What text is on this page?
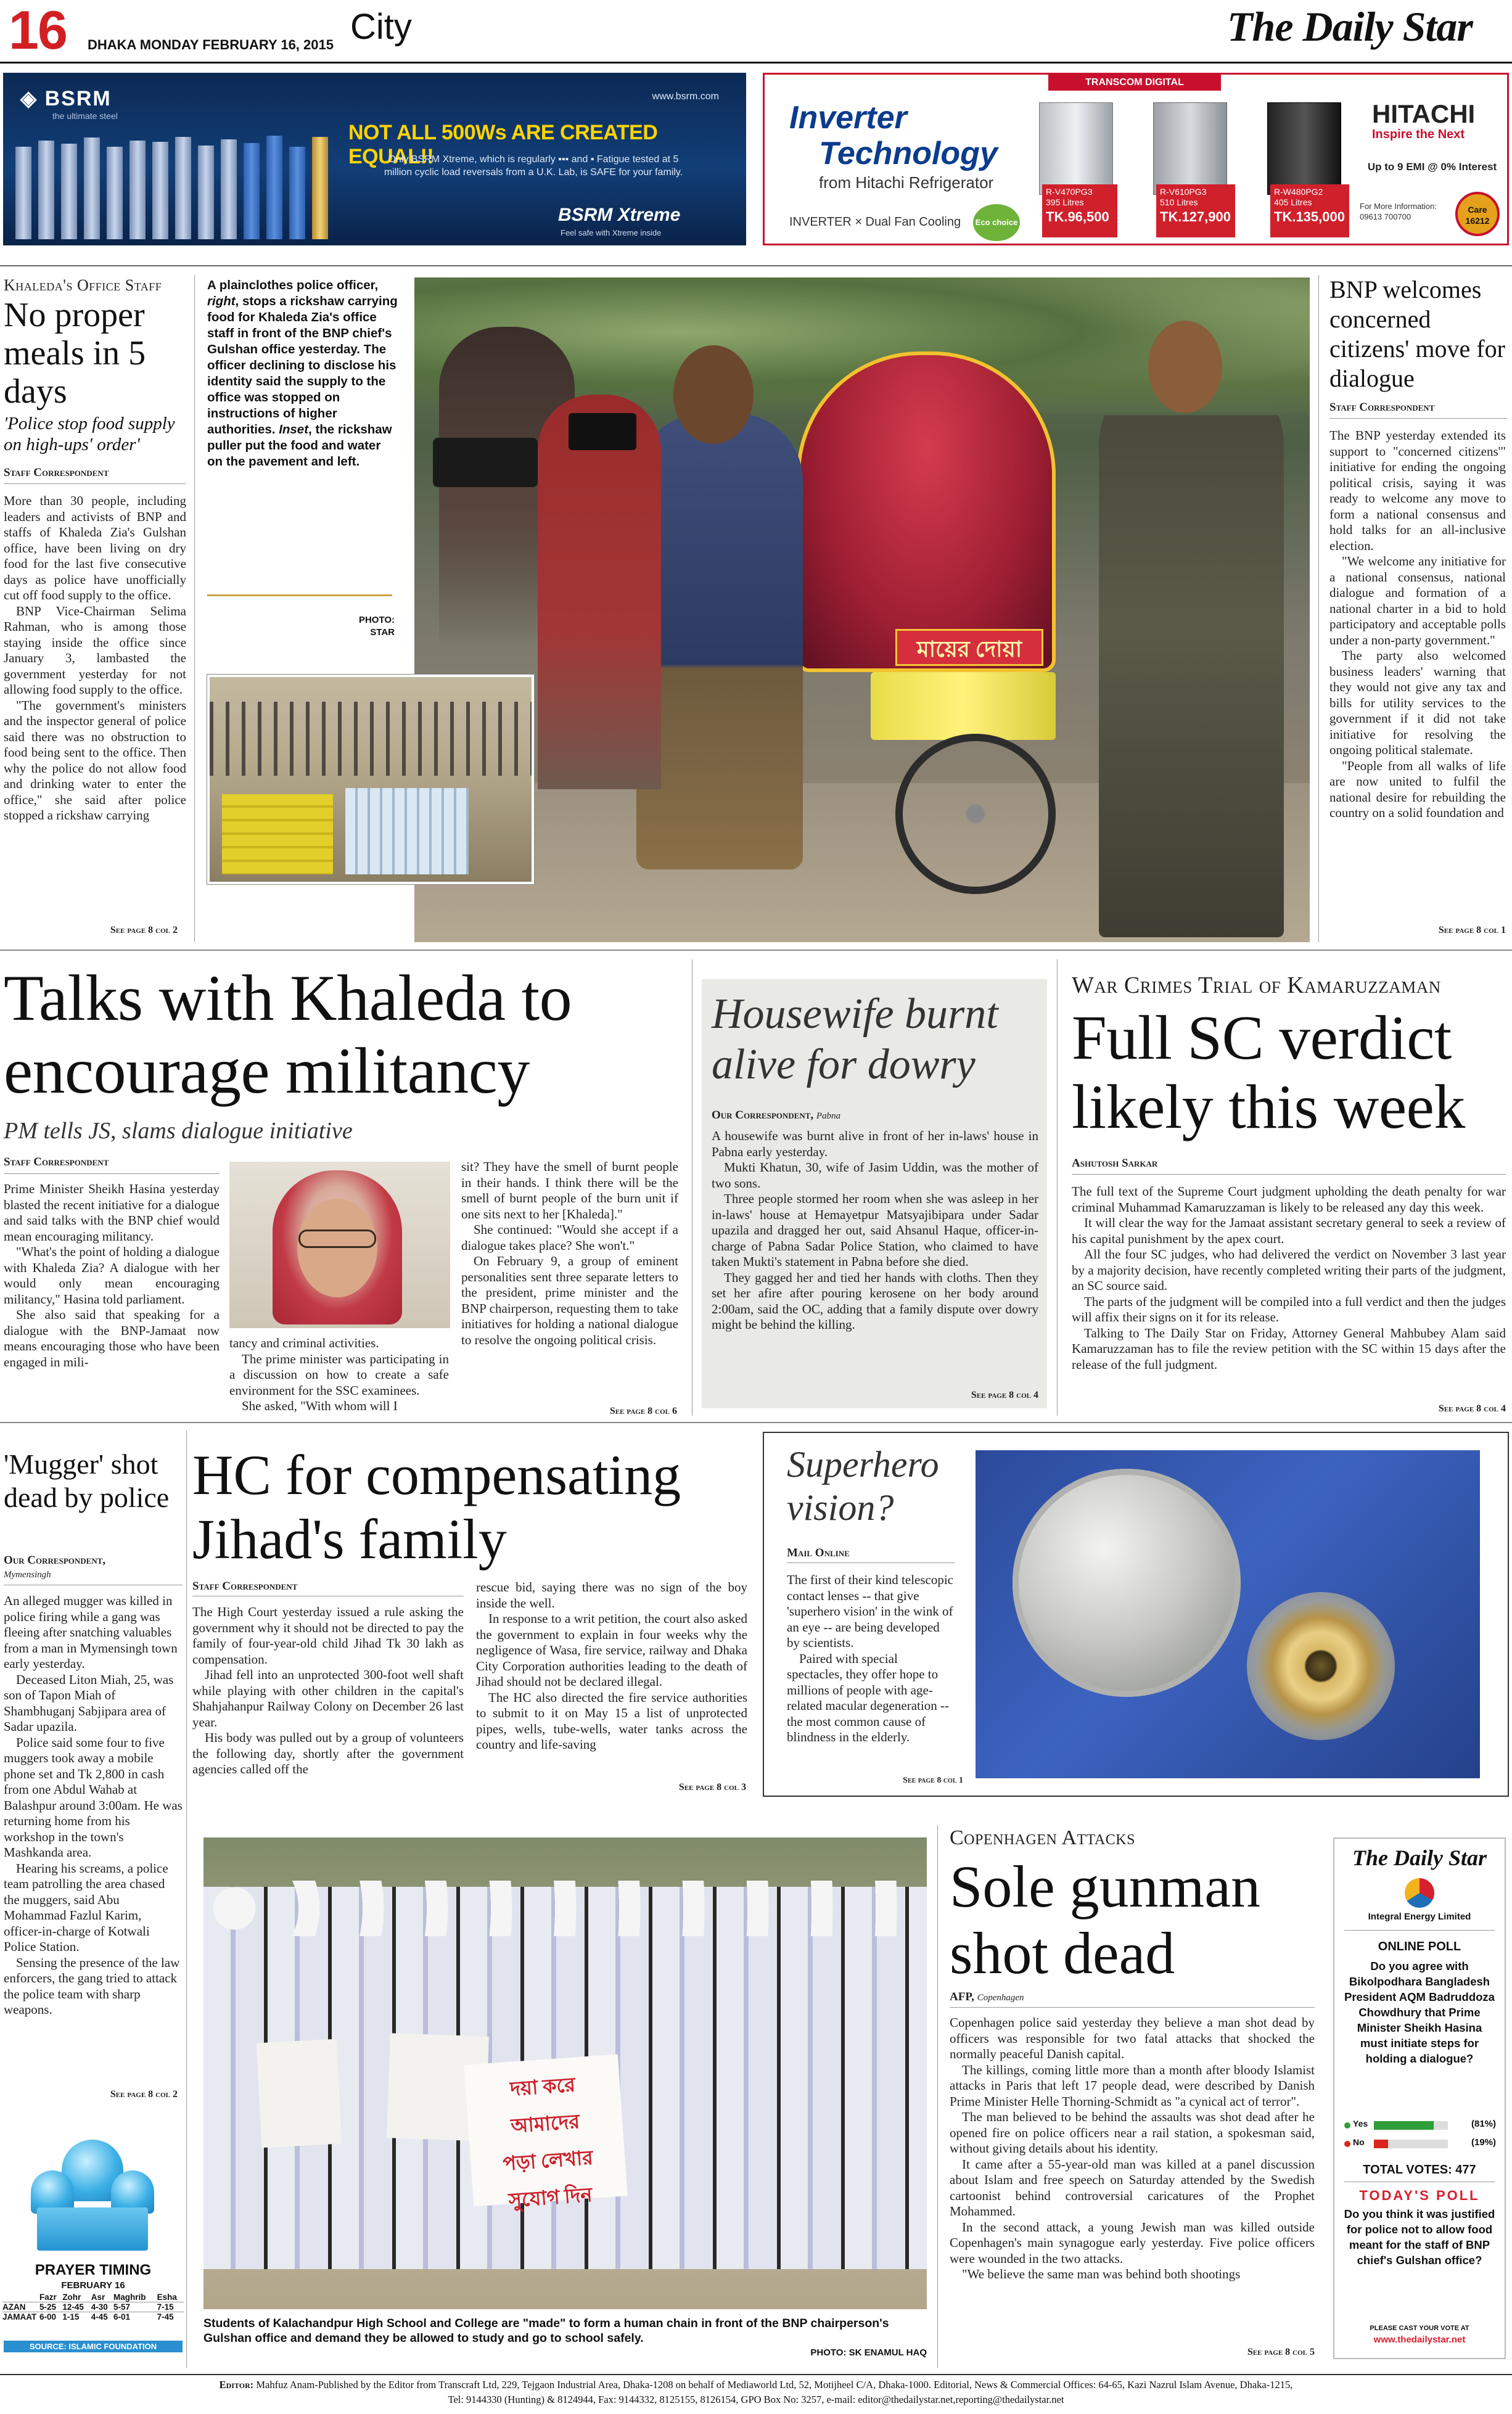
16 DHAKA MONDAY FEBRUARY 16, 2015 City	The Daily Star
◈ BSRM
the ultimate steel
www.bsrm.com
NOT ALL 500Ws ARE CREATED EQUAL!!
Only BSRM Xtreme, which is regularly ▪▪▪ and ▪ Fatigue tested at 5 million cyclic load reversals from a U.K. Lab, is SAFE for your family.
BSRM Xtreme
Feel safe with Xtreme inside
TRANSCOM DIGITAL
Inverter
Technology
from Hitachi Refrigerator
INVERTER × Dual Fan Cooling Eco choice
R-V470PG3
395 Litres
TK.96,500
R-V610PG3
510 Litres
TK.127,900
R-W480PG2
405 Litres
TK.135,000
HITACHI
Inspire the Next
Up to 9 EMI @ 0% Interest
For More Information: 09613 700700
Care 16212
Khaleda's Office Staff
No proper meals in 5 days
'Police stop food supply on high-ups' order'
Staff Correspondent

More than 30 people, including leaders and activists of BNP and staffs of Khaleda Zia's Gulshan office, have been living on dry food for the last five consecutive days as police have unofficially cut off food supply to the office.

BNP Vice-Chairman Selima Rahman, who is among those staying inside the office since January 3, lambasted the government yesterday for not allowing food supply to the office.

"The government's ministers and the inspector general of police said there was no obstruction to food being sent to the office. Then why the police do not allow food and drinking water to enter the office," she said after police stopped a rickshaw carrying

See page 8 col 2
A plainclothes police officer, right, stops a rickshaw carrying food for Khaleda Zia's office staff in front of the BNP chief's Gulshan office yesterday. The officer declining to disclose his identity said the supply to the office was stopped on instructions of higher authorities. Inset, the rickshaw puller put the food and water on the pavement and left.
PHOTO:
STAR
মায়ের দোয়া
BNP welcomes concerned citizens' move for dialogue
Staff Correspondent

The BNP yesterday extended its support to "concerned citizens'" initiative for ending the ongoing political crisis, saying it was ready to welcome any move to form a national consensus and hold talks for an all-inclusive election.

"We welcome any initiative for a national consensus, national dialogue and formation of a national charter in a bid to hold participatory and acceptable polls under a non-party government."

The party also welcomed business leaders' warning that they would not give any tax and bills for utility services to the government if it did not take initiative for resolving the ongoing political stalemate.

"People from all walks of life are now united to fulfil the national desire for rebuilding the country on a solid foundation and

See page 8 col 1
Talks with Khaleda to encourage militancy
PM tells JS, slams dialogue initiative
Staff Correspondent

Prime Minister Sheikh Hasina yesterday blasted the recent initiative for a dialogue and said talks with the BNP chief would mean encouraging militancy.

"What's the point of holding a dialogue with Khaleda Zia? A dialogue with her would only mean encouraging militancy," Hasina told parliament.

She also said that speaking for a dialogue with the BNP-Jamaat now means encouraging those who have been engaged in mili-

tancy and criminal activities.

The prime minister was participating in a discussion on how to create a safe environment for the SSC examinees.

She asked, "With whom will I

sit? They have the smell of burnt people in their hands. I think there will be the smell of burnt people of the burn unit if one sits next to her [Khaleda]."

She continued: "Would she accept if a dialogue takes place? She won't."

On February 9, a group of eminent personalities sent three separate letters to the president, prime minister and the BNP chairperson, requesting them to take initiatives for holding a national dialogue to resolve the ongoing political crisis.

See page 8 col 6
Housewife burnt alive for dowry
Our Correspondent, Pabna

A housewife was burnt alive in front of her in-laws' house in Pabna early yesterday.

Mukti Khatun, 30, wife of Jasim Uddin, was the mother of two sons.

Three people stormed her room when she was asleep in her in-laws' house at Hemayetpur Matsyajibipara under Sadar upazila and dragged her out, said Ahsanul Haque, officer-in-charge of Pabna Sadar Police Station, who claimed to have taken Mukti's statement in Pabna before she died.

They gagged her and tied her hands with cloths. Then they set her afire after pouring kerosene on her body around 2:00am, said the OC, adding that a family dispute over dowry might be behind the killing.

See page 8 col 4
War Crimes Trial of Kamaruzzaman
Full SC verdict likely this week
Ashutosh Sarkar

The full text of the Supreme Court judgment upholding the death penalty for war criminal Muhammad Kamaruzzaman is likely to be released any day this week.

It will clear the way for the Jamaat assistant secretary general to seek a review of his capital punishment by the apex court.

All the four SC judges, who had delivered the verdict on November 3 last year by a majority decision, have recently completed writing their parts of the judgment, an SC source said.

The parts of the judgment will be compiled into a full verdict and then the judges will affix their signs on it for its release.

Talking to The Daily Star on Friday, Attorney General Mahbubey Alam said Kamaruzzaman has to file the review petition with the SC within 15 days after the release of the full judgment.

See page 8 col 4
'Mugger' shot dead by police
Our Correspondent,
Mymensingh

An alleged mugger was killed in police firing while a gang was fleeing after snatching valuables from a man in Mymensingh town early yesterday.

Deceased Liton Miah, 25, was son of Tapon Miah of Shambhuganj Sabjipara area of Sadar upazila.

Police said some four to five muggers took away a mobile phone set and Tk 2,800 in cash from one Abdul Wahab at Balashpur around 3:00am. He was returning home from his workshop in the town's Mashkanda area.

Hearing his screams, a police team patrolling the area chased the muggers, said Abu Mohammad Fazlul Karim, officer-in-charge of Kotwali Police Station.

Sensing the presence of the law enforcers, the gang tried to attack the police team with sharp weapons.

See page 8 col 2
HC for compensating Jihad's family
Staff Correspondent

The High Court yesterday issued a rule asking the government why it should not be directed to pay the family of four-year-old child Jihad Tk 30 lakh as compensation.

Jihad fell into an unprotected 300-foot well shaft while playing with other children in the capital's Shahjahanpur Railway Colony on December 26 last year.

His body was pulled out by a group of volunteers the following day, shortly after the government agencies called off the

rescue bid, saying there was no sign of the boy inside the well.

In response to a writ petition, the court also asked the government to explain in four weeks why the negligence of Wasa, fire service, railway and Dhaka City Corporation authorities leading to the death of Jihad should not be declared illegal.

The HC also directed the fire service authorities to submit to it on May 15 a list of unprotected pipes, wells, tube-wells, water tanks across the country and life-saving

See page 8 col 3
Superhero vision?
Mail Online

The first of their kind telescopic contact lenses -- that give 'superhero vision' in the wink of an eye -- are being developed by scientists.

Paired with special spectacles, they offer hope to millions of people with age-related macular degeneration -- the most common cause of blindness in the elderly.

See page 8 col 1
দয়া করে আমাদের
পড়া লেখার
সুযোগ দিন
Students of Kalachandpur High School and College are "made" to form a human chain in front of the BNP chairperson's Gulshan office and demand they be allowed to study and go to school safely.
PHOTO: SK ENAMUL HAQ
PRAYER TIMING
FEBRUARY 16
	Fazr	Zohr	Asr	Maghrib	Esha
AZAN	5-25	12-45	4-30	5-57	7-15
JAMAAT	6-00	1-15	4-45	6-01	7-45
SOURCE: ISLAMIC FOUNDATION
Copenhagen Attacks
Sole gunman shot dead
AFP, Copenhagen

Copenhagen police said yesterday they believe a man shot dead by officers was responsible for two fatal attacks that shocked the normally peaceful Danish capital.

The killings, coming little more than a month after bloody Islamist attacks in Paris that left 17 people dead, were described by Danish Prime Minister Helle Thorning-Schmidt as "a cynical act of terror".

The man believed to be behind the assaults was shot dead after he opened fire on police officers near a rail station, a spokesman said, without giving details about his identity.

It came after a 55-year-old man was killed at a panel discussion about Islam and free speech on Saturday attended by the Swedish cartoonist behind controversial caricatures of the Prophet Mohammed.

In the second attack, a young Jewish man was killed outside Copenhagen's main synagogue early yesterday. Five police officers were wounded in the two attacks.

"We believe the same man was behind both shootings

See page 8 col 5
The Daily Star
Integral Energy Limited
ONLINE POLL
Do you agree with Bikolpodhara Bangladesh President AQM Badruddoza Chowdhury that Prime Minister Sheikh Hasina must initiate steps for holding a dialogue?
Yes	(81%)
No	(19%)
TOTAL VOTES: 477
TODAY'S POLL
Do you think it was justified for police not to allow food meant for the staff of BNP chief's Gulshan office?
PLEASE CAST YOUR VOTE AT
www.thedailystar.net
Editor: Mahfuz Anam-Published by the Editor from Transcraft Ltd, 229, Tejgaon Industrial Area, Dhaka-1208 on behalf of Mediaworld Ltd, 52, Motijheel C/A, Dhaka-1000. Editorial, News & Commercial Offices: 64-65, Kazi Nazrul Islam Avenue, Dhaka-1215,
Tel: 9144330 (Hunting) & 8124944, Fax: 9144332, 8125155, 8126154, GPO Box No: 3257, e-mail: editor@thedailystar.net,reporting@thedailystar.net
